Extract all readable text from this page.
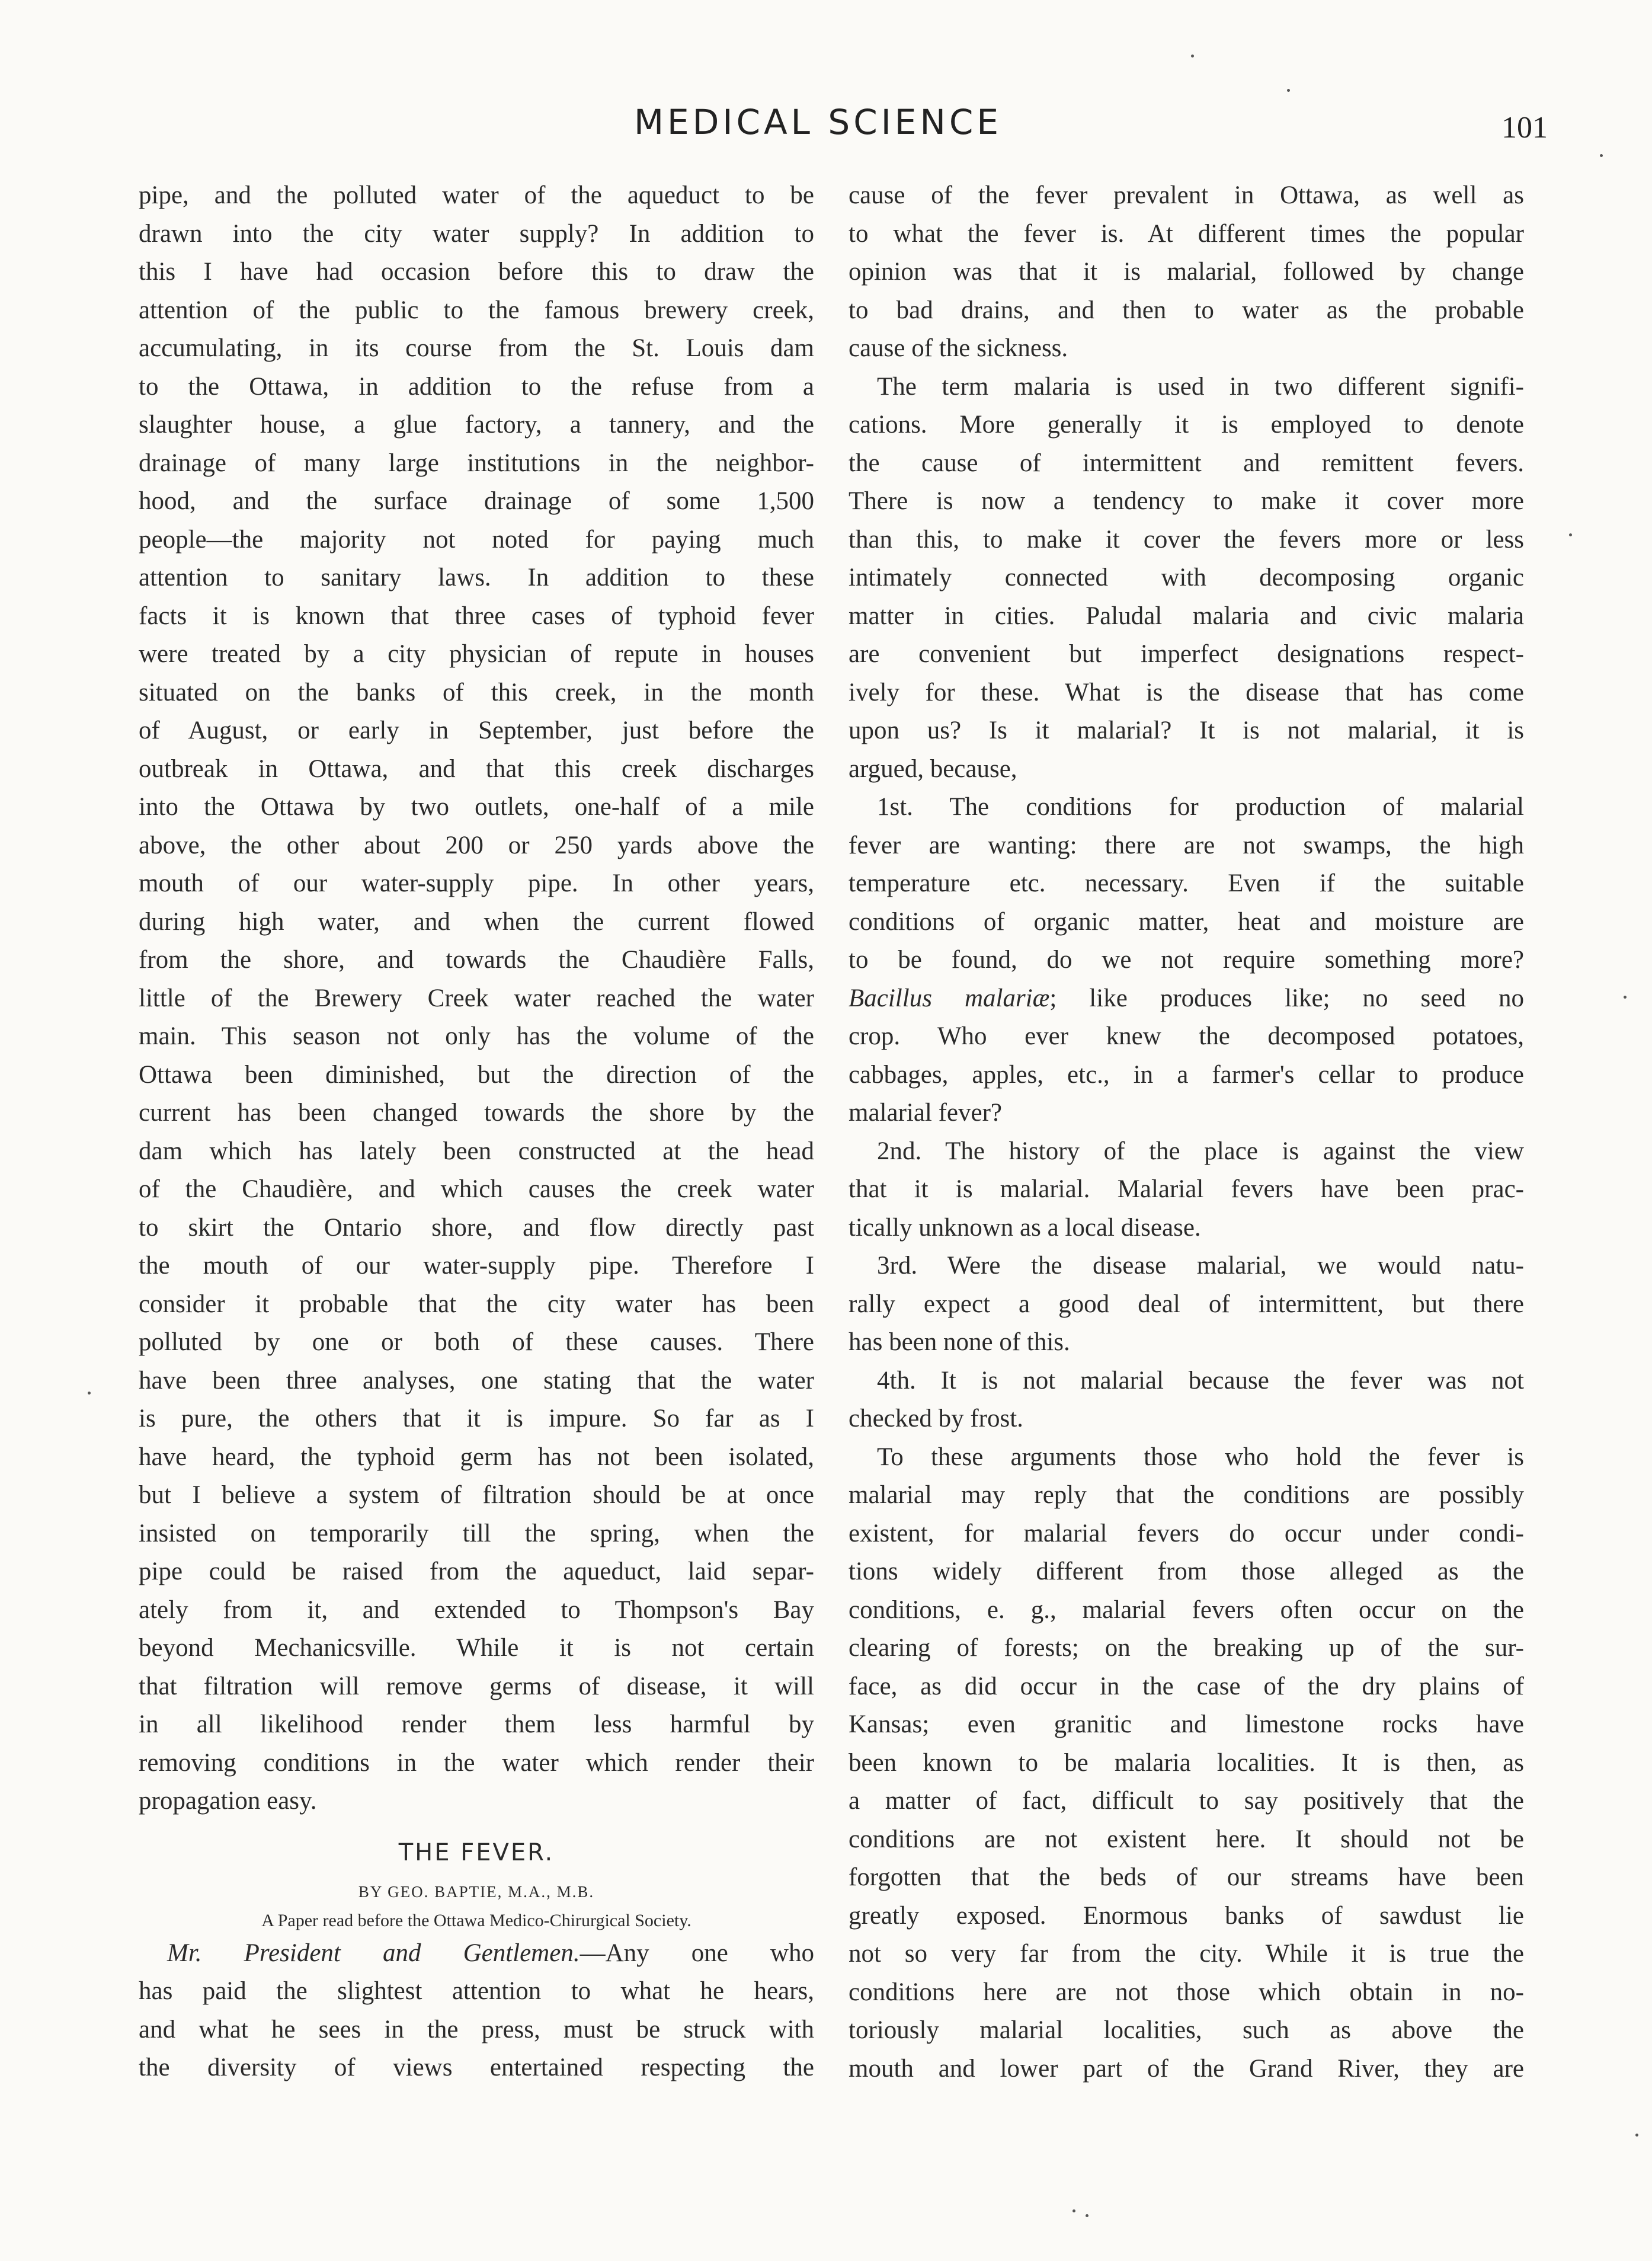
MEDICAL SCIENCE	101
pipe, and the polluted water of the aqueduct to be
drawn into the city water supply? In addition to
this I have had occasion before this to draw the
attention of the public to the famous brewery creek,
accumulating, in its course from the St. Louis dam
to the Ottawa, in addition to the refuse from a
slaughter house, a glue factory, a tannery, and the
drainage of many large institutions in the neighbor-
hood, and the surface drainage of some 1,500
people—the majority not noted for paying much
attention to sanitary laws. In addition to these
facts it is known that three cases of typhoid fever
were treated by a city physician of repute in houses
situated on the banks of this creek, in the month
of August, or early in September, just before the
outbreak in Ottawa, and that this creek discharges
into the Ottawa by two outlets, one-half of a mile
above, the other about 200 or 250 yards above the
mouth of our water-supply pipe. In other years,
during high water, and when the current flowed
from the shore, and towards the Chaudière Falls,
little of the Brewery Creek water reached the water
main. This season not only has the volume of the
Ottawa been diminished, but the direction of the
current has been changed towards the shore by the
dam which has lately been constructed at the head
of the Chaudière, and which causes the creek water
to skirt the Ontario shore, and flow directly past
the mouth of our water-supply pipe. Therefore I
consider it probable that the city water has been
polluted by one or both of these causes. There
have been three analyses, one stating that the water
is pure, the others that it is impure. So far as I
have heard, the typhoid germ has not been isolated,
but I believe a system of filtration should be at once
insisted on temporarily till the spring, when the
pipe could be raised from the aqueduct, laid separ-
ately from it, and extended to Thompson's Bay
beyond Mechanicsville. While it is not certain
that filtration will remove germs of disease, it will
in all likelihood render them less harmful by
removing conditions in the water which render their
propagation easy.
THE FEVER.
BY GEO. BAPTIE, M.A., M.B.
A Paper read before the Ottawa Medico-Chirurgical Society.
Mr. President and Gentlemen.—Any one who
has paid the slightest attention to what he hears,
and what he sees in the press, must be struck with
the diversity of views entertained respecting the
cause of the fever prevalent in Ottawa, as well as
to what the fever is. At different times the popular
opinion was that it is malarial, followed by change
to bad drains, and then to water as the probable
cause of the sickness.
The term malaria is used in two different signifi-
cations. More generally it is employed to denote
the cause of intermittent and remittent fevers.
There is now a tendency to make it cover more
than this, to make it cover the fevers more or less
intimately connected with decomposing organic
matter in cities. Paludal malaria and civic malaria
are convenient but imperfect designations respect-
ively for these. What is the disease that has come
upon us? Is it malarial? It is not malarial, it is
argued, because,
1st. The conditions for production of malarial
fever are wanting: there are not swamps, the high
temperature etc. necessary. Even if the suitable
conditions of organic matter, heat and moisture are
to be found, do we not require something more?
Bacillus malariæ; like produces like; no seed no
crop. Who ever knew the decomposed potatoes,
cabbages, apples, etc., in a farmer's cellar to produce
malarial fever?
2nd. The history of the place is against the view
that it is malarial. Malarial fevers have been prac-
tically unknown as a local disease.
3rd. Were the disease malarial, we would natu-
rally expect a good deal of intermittent, but there
has been none of this.
4th. It is not malarial because the fever was not
checked by frost.
To these arguments those who hold the fever is
malarial may reply that the conditions are possibly
existent, for malarial fevers do occur under condi-
tions widely different from those alleged as the
conditions, e. g., malarial fevers often occur on the
clearing of forests; on the breaking up of the sur-
face, as did occur in the case of the dry plains of
Kansas; even granitic and limestone rocks have
been known to be malaria localities. It is then, as
a matter of fact, difficult to say positively that the
conditions are not existent here. It should not be
forgotten that the beds of our streams have been
greatly exposed. Enormous banks of sawdust lie
not so very far from the city. While it is true the
conditions here are not those which obtain in no-
toriously malarial localities, such as above the
mouth and lower part of the Grand River, they are
